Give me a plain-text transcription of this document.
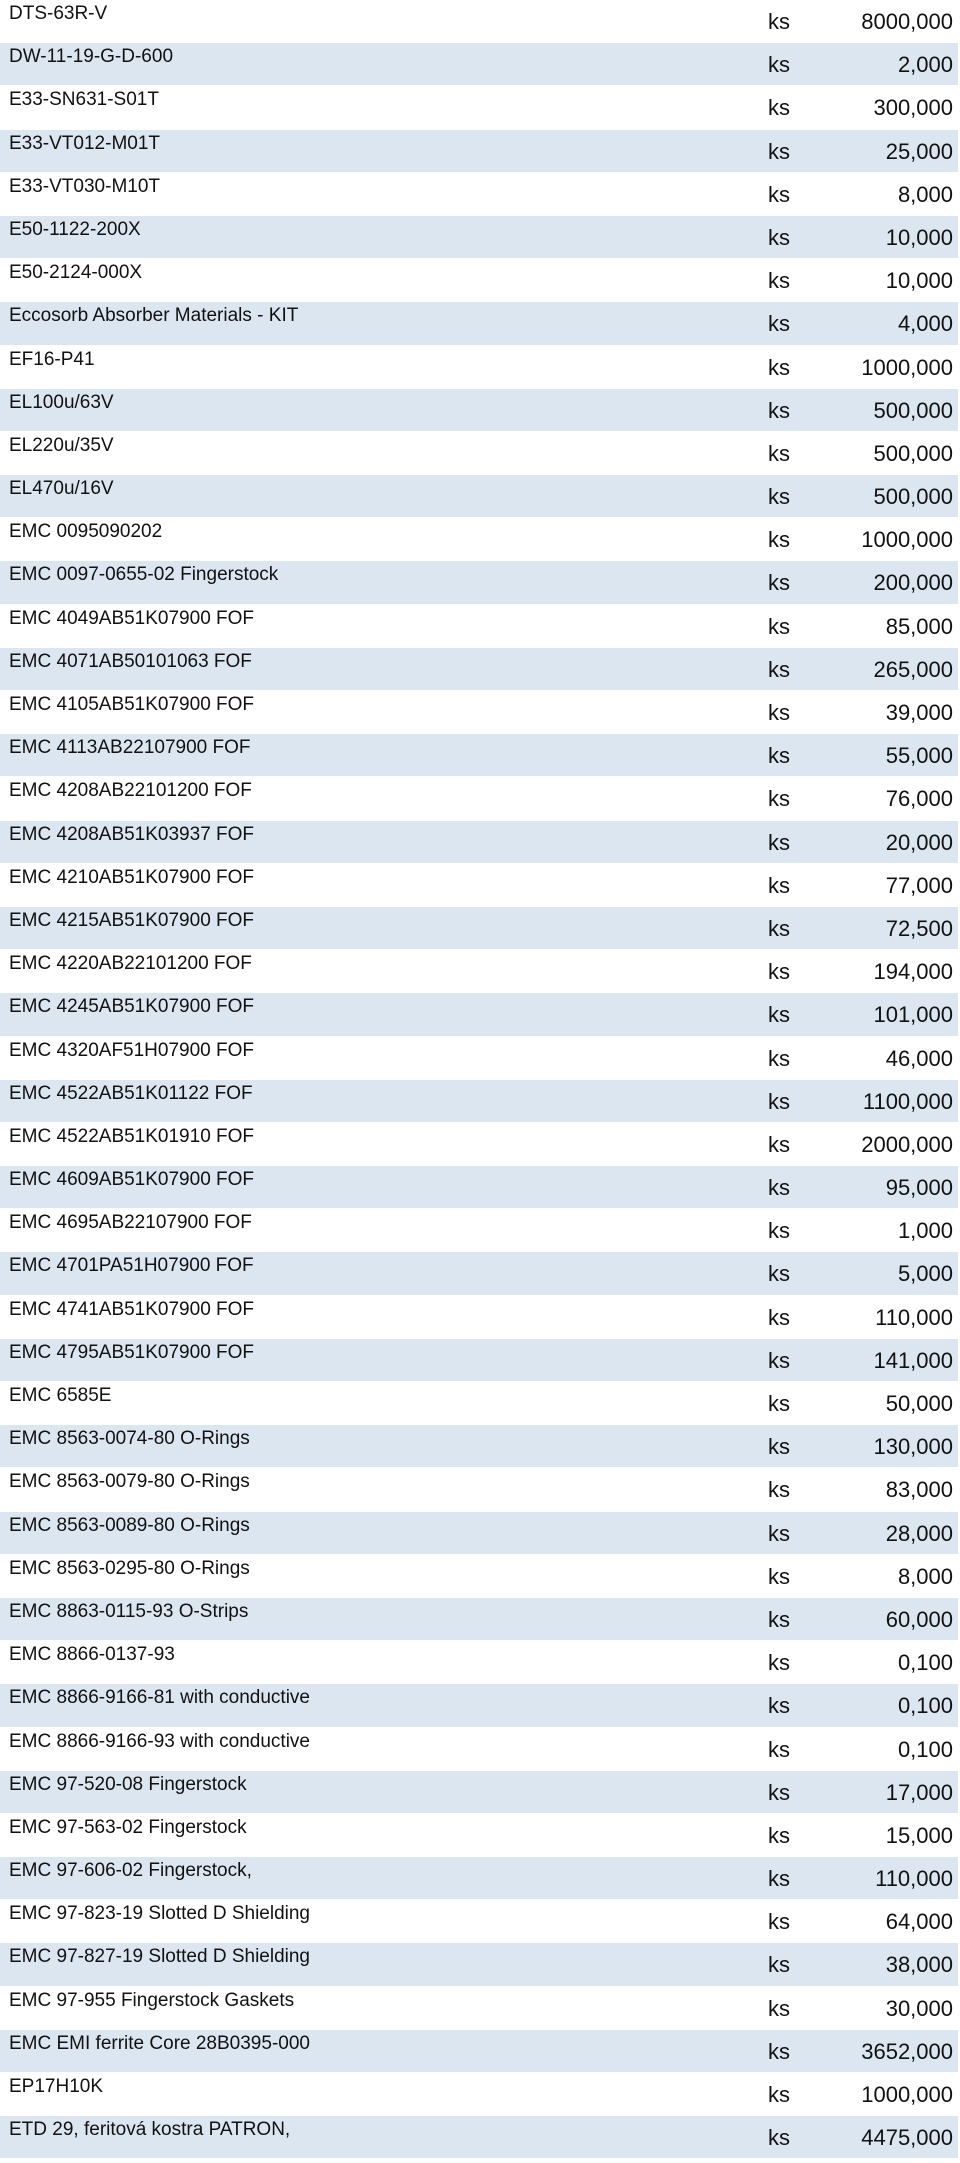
DTS-63R-V	ks	8000,000
DW-11-19-G-D-600	ks	2,000
E33-SN631-S01T	ks	300,000
E33-VT012-M01T	ks	25,000
E33-VT030-M10T	ks	8,000
E50-1122-200X	ks	10,000
E50-2124-000X	ks	10,000
Eccosorb Absorber Materials - KIT	ks	4,000
EF16-P41	ks	1000,000
EL100u/63V	ks	500,000
EL220u/35V	ks	500,000
EL470u/16V	ks	500,000
EMC 0095090202	ks	1000,000
EMC 0097-0655-02 Fingerstock	ks	200,000
EMC 4049AB51K07900 FOF	ks	85,000
EMC 4071AB50101063 FOF	ks	265,000
EMC 4105AB51K07900 FOF	ks	39,000
EMC 4113AB22107900 FOF	ks	55,000
EMC 4208AB22101200 FOF	ks	76,000
EMC 4208AB51K03937 FOF	ks	20,000
EMC 4210AB51K07900 FOF	ks	77,000
EMC 4215AB51K07900 FOF	ks	72,500
EMC 4220AB22101200 FOF	ks	194,000
EMC 4245AB51K07900 FOF	ks	101,000
EMC 4320AF51H07900 FOF	ks	46,000
EMC 4522AB51K01122 FOF	ks	1100,000
EMC 4522AB51K01910 FOF	ks	2000,000
EMC 4609AB51K07900 FOF	ks	95,000
EMC 4695AB22107900 FOF	ks	1,000
EMC 4701PA51H07900 FOF	ks	5,000
EMC 4741AB51K07900 FOF	ks	110,000
EMC 4795AB51K07900 FOF	ks	141,000
EMC 6585E	ks	50,000
EMC 8563-0074-80 O-Rings	ks	130,000
EMC 8563-0079-80 O-Rings	ks	83,000
EMC 8563-0089-80 O-Rings	ks	28,000
EMC 8563-0295-80 O-Rings	ks	8,000
EMC 8863-0115-93 O-Strips	ks	60,000
EMC 8866-0137-93	ks	0,100
EMC 8866-9166-81 with conductive	ks	0,100
EMC 8866-9166-93 with conductive	ks	0,100
EMC 97-520-08 Fingerstock	ks	17,000
EMC 97-563-02 Fingerstock	ks	15,000
EMC 97-606-02 Fingerstock,	ks	110,000
EMC 97-823-19 Slotted D Shielding	ks	64,000
EMC 97-827-19 Slotted D Shielding	ks	38,000
EMC 97-955 Fingerstock Gaskets	ks	30,000
EMC EMI ferrite Core 28B0395-000	ks	3652,000
EP17H10K	ks	1000,000
ETD 29, feritová kostra PATRON,	ks	4475,000
